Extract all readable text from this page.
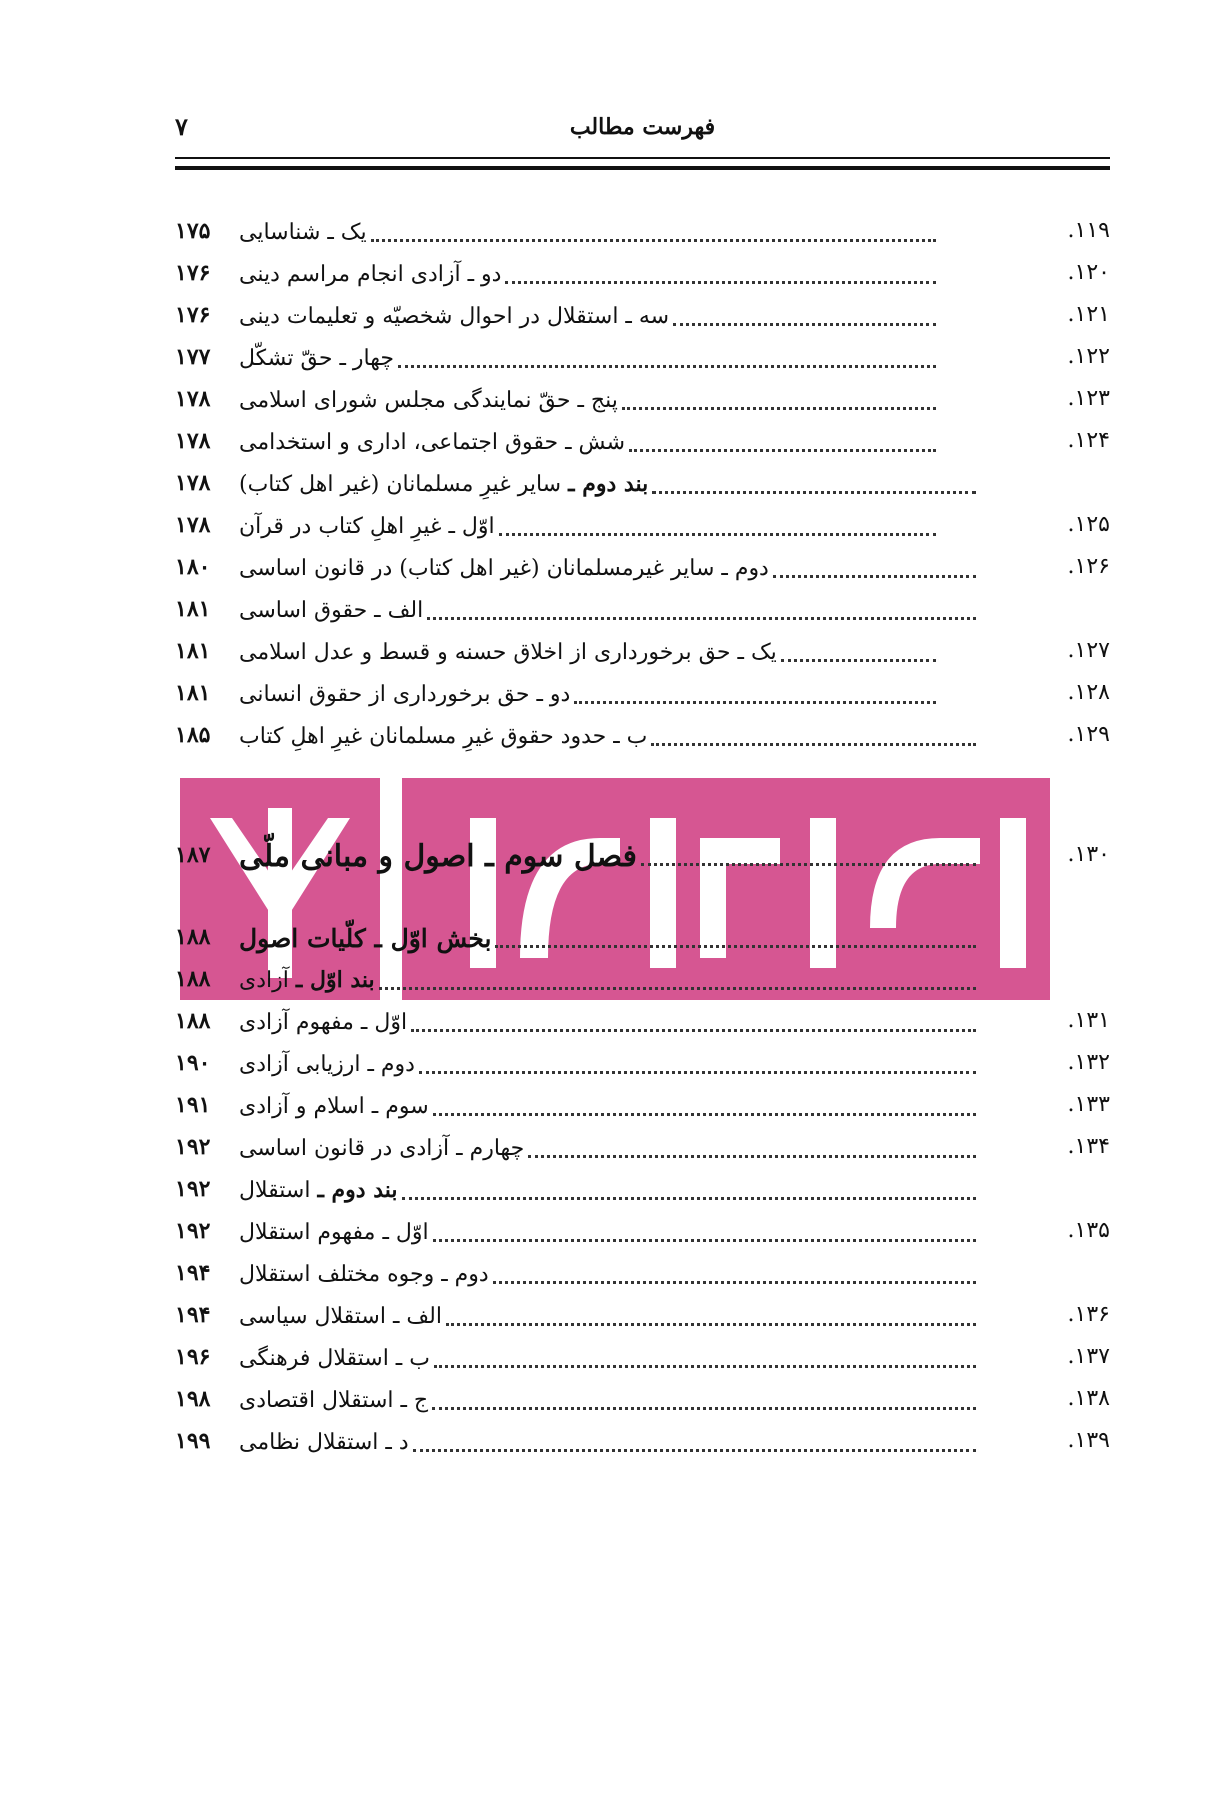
۷	فهرست مطالب
۱۱۹.
یک ـ شناسایی
۱۷۵
۱۲۰.
دو ـ آزادی انجام مراسم دینی
۱۷۶
۱۲۱.
سه ـ استقلال در احوال شخصیّه و تعلیمات دینی
۱۷۶
۱۲۲.
چهار ـ حقّ تشکّل
۱۷۷
۱۲۳.
پنج ـ حقّ نمایندگی مجلس شورای اسلامی
۱۷۸
۱۲۴.
شش ـ حقوق اجتماعی، اداری و استخدامی
۱۷۸
بند دوم ـ سایر غیرِ مسلمانان (غیر اهل کتاب)
۱۷۸
۱۲۵.
اوّل ـ غیرِ اهلِ کتاب در قرآن
۱۷۸
۱۲۶.
دوم ـ سایر غیرمسلمانان (غیر اهل کتاب) در قانون اساسی
۱۸۰
الف ـ حقوق اساسی
۱۸۱
۱۲۷.
یک ـ حق برخورداری از اخلاق حسنه و قسط و عدل اسلامی
۱۸۱
۱۲۸.
دو ـ حق برخورداری از حقوق انسانی
۱۸۱
۱۲۹.
ب ـ حدود حقوق غیرِ مسلمانان غیرِ اهلِ کتاب
۱۸۵
۱۳۰.
فصل سوم ـ اصول و مبانی ملّی
۱۸۷
بخش اوّل ـ کلّیات اصول
۱۸۸
بند اوّل ـ آزادی
۱۸۸
۱۳۱.
اوّل ـ مفهوم آزادی
۱۸۸
۱۳۲.
دوم ـ ارزیابی آزادی
۱۹۰
۱۳۳.
سوم ـ اسلام و آزادی
۱۹۱
۱۳۴.
چهارم ـ آزادی در قانون اساسی
۱۹۲
بند دوم ـ استقلال
۱۹۲
۱۳۵.
اوّل ـ مفهوم استقلال
۱۹۲
دوم ـ وجوه مختلف استقلال
۱۹۴
۱۳۶.
الف ـ استقلال سیاسی
۱۹۴
۱۳۷.
ب ـ استقلال فرهنگی
۱۹۶
۱۳۸.
ج ـ استقلال اقتصادی
۱۹۸
۱۳۹.
د ـ استقلال نظامی
۱۹۹
